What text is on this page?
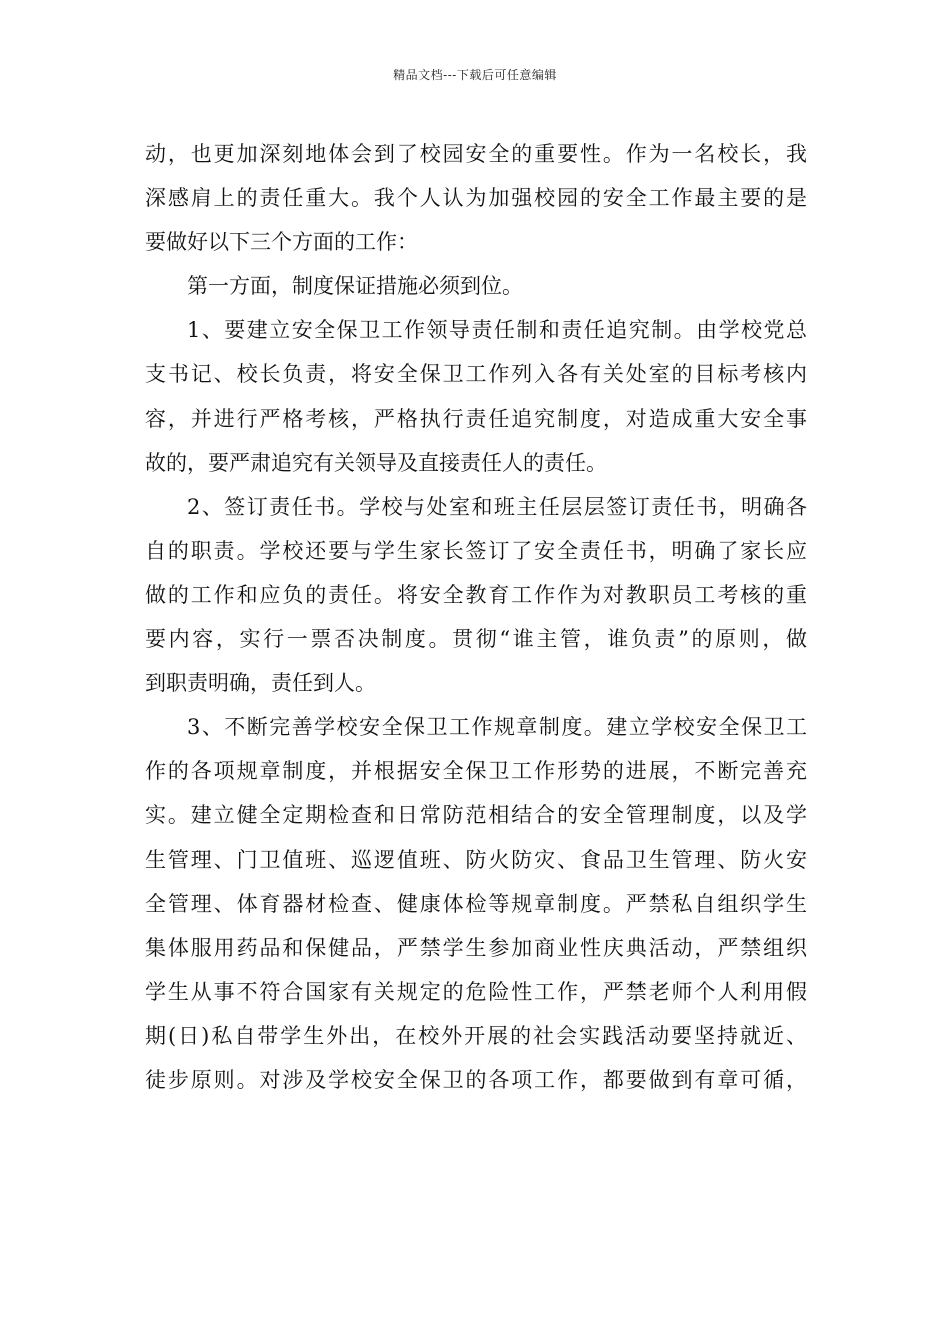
精品文档---下载后可任意编辑
动，也更加深刻地体会到了校园安全的重要性。作为一名校长，我
深感肩上的责任重大。我个人认为加强校园的安全工作最主要的是
要做好以下三个方面的工作：
第一方面，制度保证措施必须到位。
1、要建立安全保卫工作领导责任制和责任追究制。由学校党总
支书记、校长负责，将安全保卫工作列入各有关处室的目标考核内
容，并进行严格考核，严格执行责任追究制度，对造成重大安全事
故的，要严肃追究有关领导及直接责任人的责任。
2、签订责任书。学校与处室和班主任层层签订责任书，明确各
自的职责。学校还要与学生家长签订了安全责任书，明确了家长应
做的工作和应负的责任。将安全教育工作作为对教职员工考核的重
要内容，实行一票否决制度。贯彻“谁主管，谁负责”的原则，做
到职责明确，责任到人。
3、不断完善学校安全保卫工作规章制度。建立学校安全保卫工
作的各项规章制度，并根据安全保卫工作形势的进展，不断完善充
实。建立健全定期检查和日常防范相结合的安全管理制度，以及学
生管理、门卫值班、巡逻值班、防火防灾、食品卫生管理、防火安
全管理、体育器材检查、健康体检等规章制度。严禁私自组织学生
集体服用药品和保健品，严禁学生参加商业性庆典活动，严禁组织
学生从事不符合国家有关规定的危险性工作，严禁老师个人利用假
期(日)私自带学生外出，在校外开展的社会实践活动要坚持就近、
徒步原则。对涉及学校安全保卫的各项工作，都要做到有章可循，
